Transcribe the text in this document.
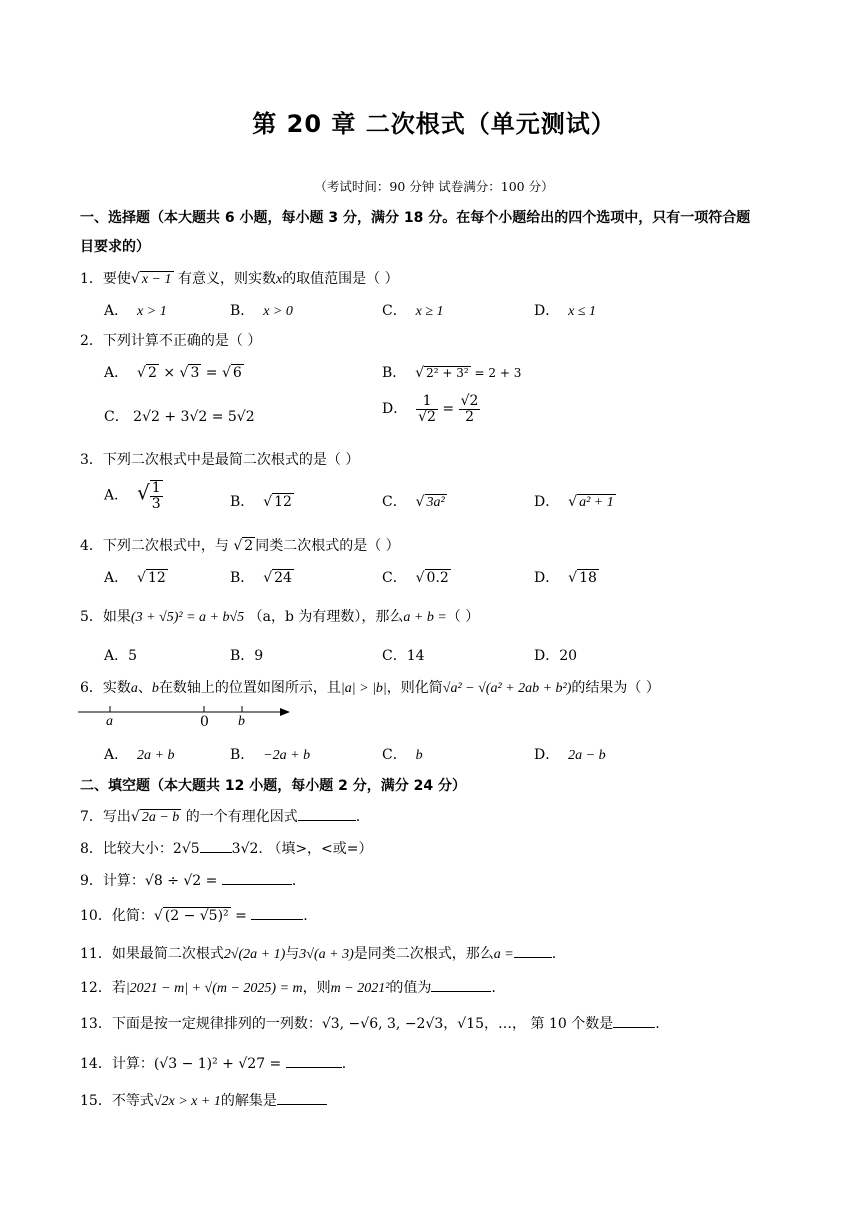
第 20 章 二次根式（单元测试）
（考试时间：90 分钟 试卷满分：100 分）
一、选择题（本大题共 6 小题，每小题 3 分，满分 18 分。在每个小题给出的四个选项中，只有一项符合题
目要求的）
1．要使√ x − 1 有意义，则实数x的取值范围是（ ）
A． x > 1	B． x > 0	C． x ≥ 1	D． x ≤ 1
2．下列计算不正确的是（ ）
A． √ 2 × √ 3 = √ 6	B． √ 2² + 3² = 2 + 3
C． 2√2 + 3√2 = 5√2	D． $\frac{1}{√2} = \frac{√2}{2}$
3．下列二次根式中是最简二次根式的是（ ）
A． √ $\frac{1}{3}$	B． √ 12	C． √ 3a²	D． √ a² + 1
4．下列二次根式中，与 √ 2 同类二次根式的是（ ）
A． √ 12	B． √ 24	C． √ 0.2	D． √ 18
5．如果(3 + √5)² = a + b√5 （a，b 为有理数），那么a + b =（ ）
A．5	B．9	C．14	D．20
6．实数a、b在数轴上的位置如图所示，且|a| > |b|，则化简√a² − √(a² + 2ab + b²)的结果为（ ）
a	0 b
A． 2a + b	B． −2a + b	C． b	D． 2a − b
二、填空题（本大题共 12 小题，每小题 2 分，满分 24 分）
7．写出√ 2a − b 的一个有理化因式	.
8．比较大小：2√5 3√2. （填>，<或=）
9．计算：√8 ÷ √2 =	.
10．化简：√ (2 − √5)² =	.
11．如果最简二次根式2√(2a + 1)与3√(a + 3)是同类二次根式，那么a =	.
12．若|2021 − m| + √(m − 2025) = m，则m − 2021²的值为	.
13．下面是按一定规律排列的一列数：√3, −√6, 3, −2√3，√15，…， 第 10 个数是	.
14．计算：(√3 − 1)² + √27 =	.
15．不等式√2x > x + 1的解集是
